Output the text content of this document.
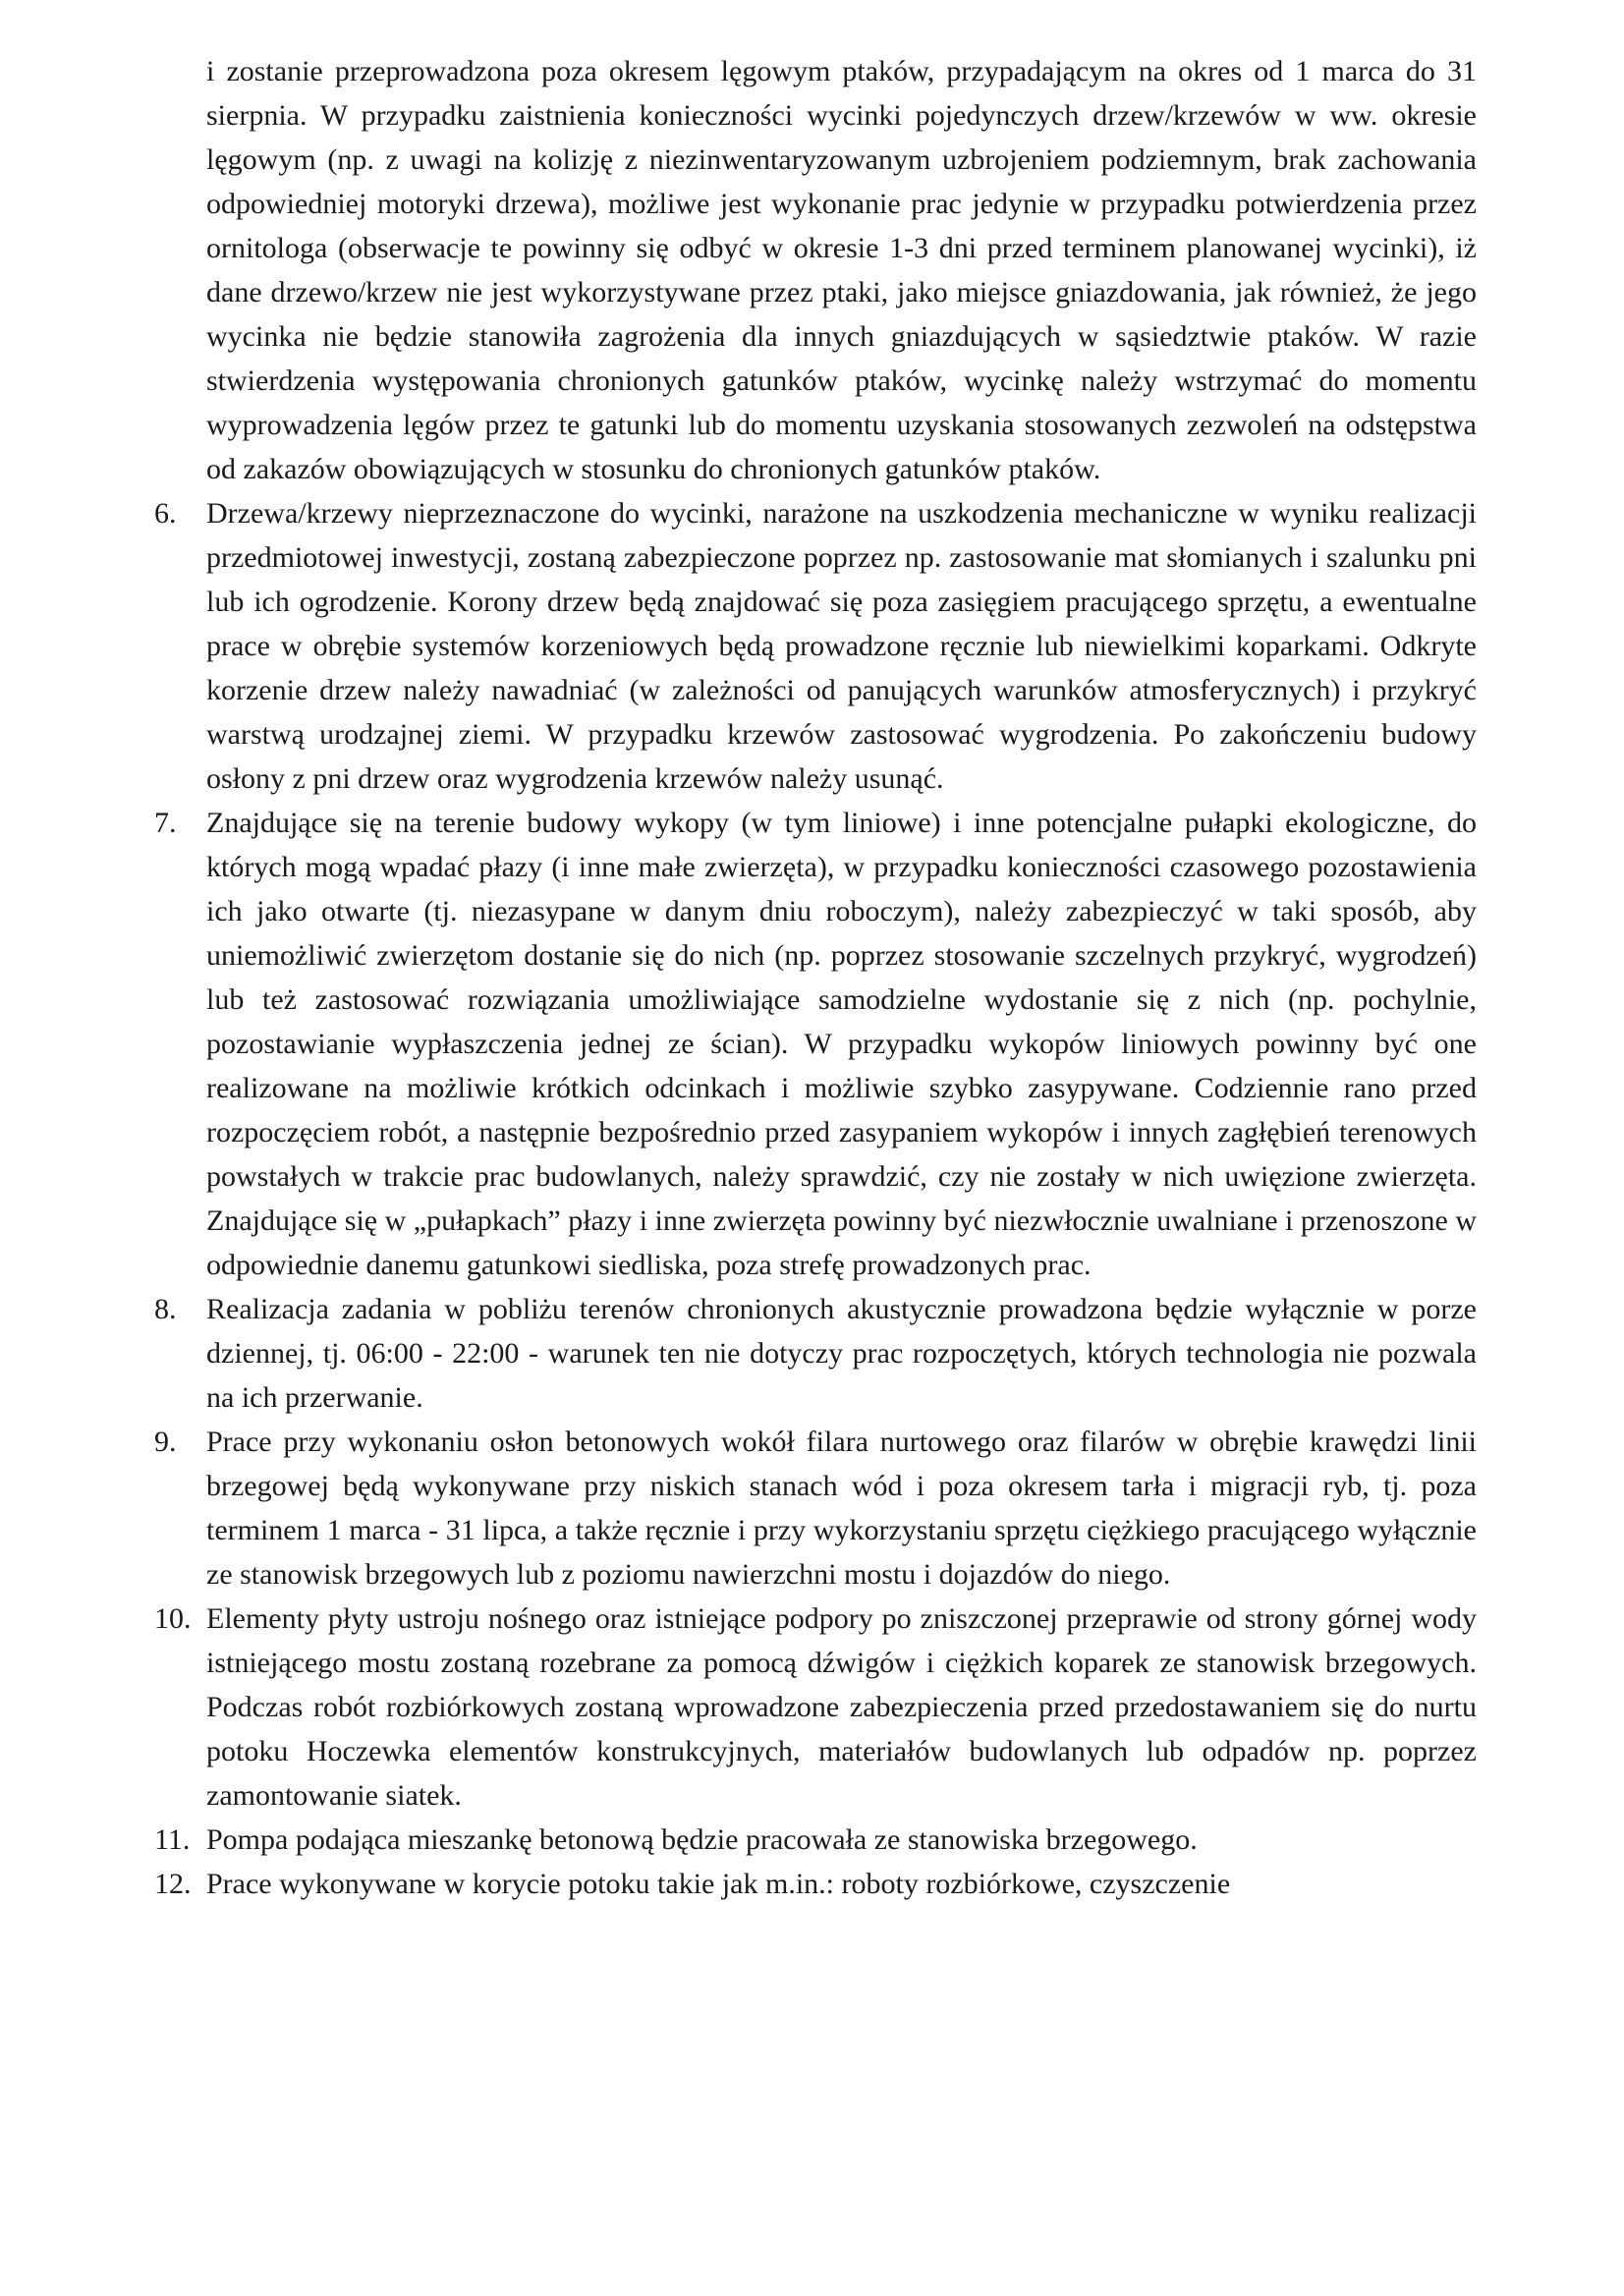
i zostanie przeprowadzona poza okresem lęgowym ptaków, przypadającym na okres od 1 marca do 31 sierpnia. W przypadku zaistnienia konieczności wycinki pojedynczych drzew/krzewów w ww. okresie lęgowym (np. z uwagi na kolizję z niezinwentaryzowanym uzbrojeniem podziemnym, brak zachowania odpowiedniej motoryki drzewa), możliwe jest wykonanie prac jedynie w przypadku potwierdzenia przez ornitologa (obserwacje te powinny się odbyć w okresie 1-3 dni przed terminem planowanej wycinki), iż dane drzewo/krzew nie jest wykorzystywane przez ptaki, jako miejsce gniazdowania, jak również, że jego wycinka nie będzie stanowiła zagrożenia dla innych gniazdujących w sąsiedztwie ptaków. W razie stwierdzenia występowania chronionych gatunków ptaków, wycinkę należy wstrzymać do momentu wyprowadzenia lęgów przez te gatunki lub do momentu uzyskania stosowanych zezwoleń na odstępstwa od zakazów obowiązujących w stosunku do chronionych gatunków ptaków.

6.	Drzewa/krzewy nieprzeznaczone do wycinki, narażone na uszkodzenia mechaniczne w wyniku realizacji przedmiotowej inwestycji, zostaną zabezpieczone poprzez np. zastosowanie mat słomianych i szalunku pni lub ich ogrodzenie. Korony drzew będą znajdować się poza zasięgiem pracującego sprzętu, a ewentualne prace w obrębie systemów korzeniowych będą prowadzone ręcznie lub niewielkimi koparkami. Odkryte korzenie drzew należy nawadniać (w zależności od panujących warunków atmosferycznych) i przykryć warstwą urodzajnej ziemi. W przypadku krzewów zastosować wygrodzenia. Po zakończeniu budowy osłony z pni drzew oraz wygrodzenia krzewów należy usunąć.

7.	Znajdujące się na terenie budowy wykopy (w tym liniowe) i inne potencjalne pułapki ekologiczne, do których mogą wpadać płazy (i inne małe zwierzęta), w przypadku konieczności czasowego pozostawienia ich jako otwarte (tj. niezasypane w danym dniu roboczym), należy zabezpieczyć w taki sposób, aby uniemożliwić zwierzętom dostanie się do nich (np. poprzez stosowanie szczelnych przykryć, wygrodzeń) lub też zastosować rozwiązania umożliwiające samodzielne wydostanie się z nich (np. pochylnie, pozostawianie wypłaszczenia jednej ze ścian). W przypadku wykopów liniowych powinny być one realizowane na możliwie krótkich odcinkach i możliwie szybko zasypywane. Codziennie rano przed rozpoczęciem robót, a następnie bezpośrednio przed zasypaniem wykopów i innych zagłębień terenowych powstałych w trakcie prac budowlanych, należy sprawdzić, czy nie zostały w nich uwięzione zwierzęta. Znajdujące się w „pułapkach” płazy i inne zwierzęta powinny być niezwłocznie uwalniane i przenoszone w odpowiednie danemu gatunkowi siedliska, poza strefę prowadzonych prac.

8.	Realizacja zadania w pobliżu terenów chronionych akustycznie prowadzona będzie wyłącznie w porze dziennej, tj. 06:00 - 22:00 - warunek ten nie dotyczy prac rozpoczętych, których technologia nie pozwala na ich przerwanie.

9.	Prace przy wykonaniu osłon betonowych wokół filara nurtowego oraz filarów w obrębie krawędzi linii brzegowej będą wykonywane przy niskich stanach wód i poza okresem tarła i migracji ryb, tj. poza terminem 1 marca - 31 lipca, a także ręcznie i przy wykorzystaniu sprzętu ciężkiego pracującego wyłącznie ze stanowisk brzegowych lub z poziomu nawierzchni mostu i dojazdów do niego.

10. Elementy płyty ustroju nośnego oraz istniejące podpory po zniszczonej przeprawie od strony górnej wody istniejącego mostu zostaną rozebrane za pomocą dźwigów i ciężkich koparek ze stanowisk brzegowych. Podczas robót rozbiórkowych zostaną wprowadzone zabezpieczenia przed przedostawaniem się do nurtu potoku Hoczewka elementów konstrukcyjnych, materiałów budowlanych lub odpadów np. poprzez zamontowanie siatek.

11. Pompa podająca mieszankę betonową będzie pracowała ze stanowiska brzegowego.

12. Prace wykonywane w korycie potoku takie jak m.in.: roboty rozbiórkowe, czyszczenie
